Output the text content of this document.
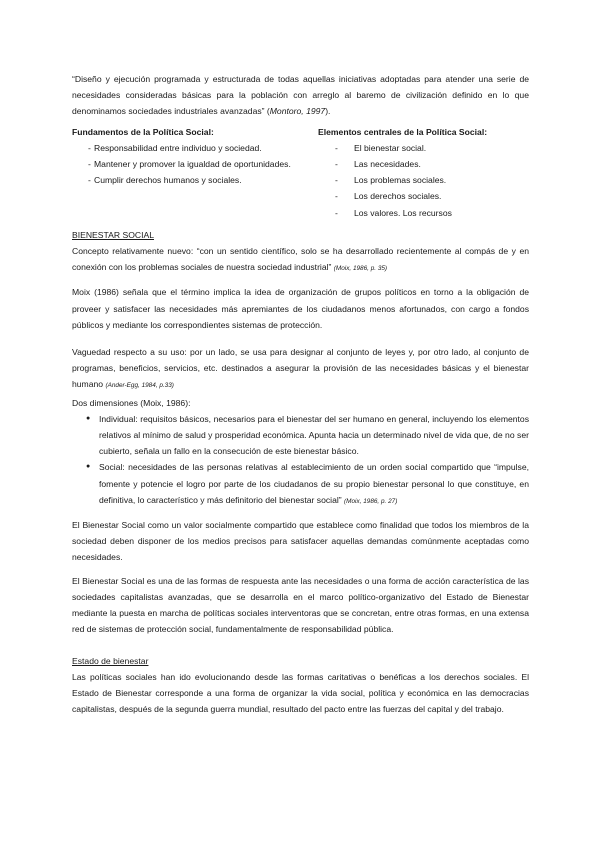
“Diseño y ejecución programada y estructurada de todas aquellas iniciativas adoptadas para atender una serie de necesidades consideradas básicas para la población con arreglo al baremo de civilización definido en lo que denominamos sociedades industriales avanzadas” (Montoro, 1997).

Fundamentos de la Política Social:
- Responsabilidad entre individuo y sociedad.
- Mantener y promover la igualdad de oportunidades.
- Cumplir derechos humanos y sociales.
Elementos centrales de la Política Social:
- El bienestar social.
- Las necesidades.
- Los problemas sociales.
- Los derechos sociales.
- Los valores. Los recursos
BIENESTAR SOCIAL

Concepto relativamente nuevo: “con un sentido científico, solo se ha desarrollado recientemente al compás de y en conexión con los problemas sociales de nuestra sociedad industrial” (Moix, 1986, p. 35)

Moix (1986) señala que el término implica la idea de organización de grupos políticos en torno a la obligación de proveer y satisfacer las necesidades más apremiantes de los ciudadanos menos afortunados, con cargo a fondos públicos y mediante los correspondientes sistemas de protección.

Vaguedad respecto a su uso: por un lado, se usa para designar al conjunto de leyes y, por otro lado, al conjunto de programas, beneficios, servicios, etc. destinados a asegurar la provisión de las necesidades básicas y el bienestar humano (Ander-Egg, 1984, p.33)

Dos dimensiones (Moix, 1986):

● Individual: requisitos básicos, necesarios para el bienestar del ser humano en general, incluyendo los elementos relativos al mínimo de salud y prosperidad económica. Apunta hacia un determinado nivel de vida que, de no ser cubierto, señala un fallo en la consecución de este bienestar básico.
● Social: necesidades de las personas relativas al establecimiento de un orden social compartido que “impulse, fomente y potencie el logro por parte de los ciudadanos de su propio bienestar personal lo que constituye, en definitiva, lo característico y más definitorio del bienestar social” (Moix, 1986, p. 27)

El Bienestar Social como un valor socialmente compartido que establece como finalidad que todos los miembros de la sociedad deben disponer de los medios precisos para satisfacer aquellas demandas comúnmente aceptadas como necesidades.

El Bienestar Social es una de las formas de respuesta ante las necesidades o una forma de acción característica de las sociedades capitalistas avanzadas, que se desarrolla en el marco político-organizativo del Estado de Bienestar mediante la puesta en marcha de políticas sociales interventoras que se concretan, entre otras formas, en una extensa red de sistemas de protección social, fundamentalmente de responsabilidad pública.

Estado de bienestar

Las políticas sociales han ido evolucionando desde las formas caritativas o benéficas a los derechos sociales. El Estado de Bienestar corresponde a una forma de organizar la vida social, política y económica en las democracias capitalistas, después de la segunda guerra mundial, resultado del pacto entre las fuerzas del capital y del trabajo.
